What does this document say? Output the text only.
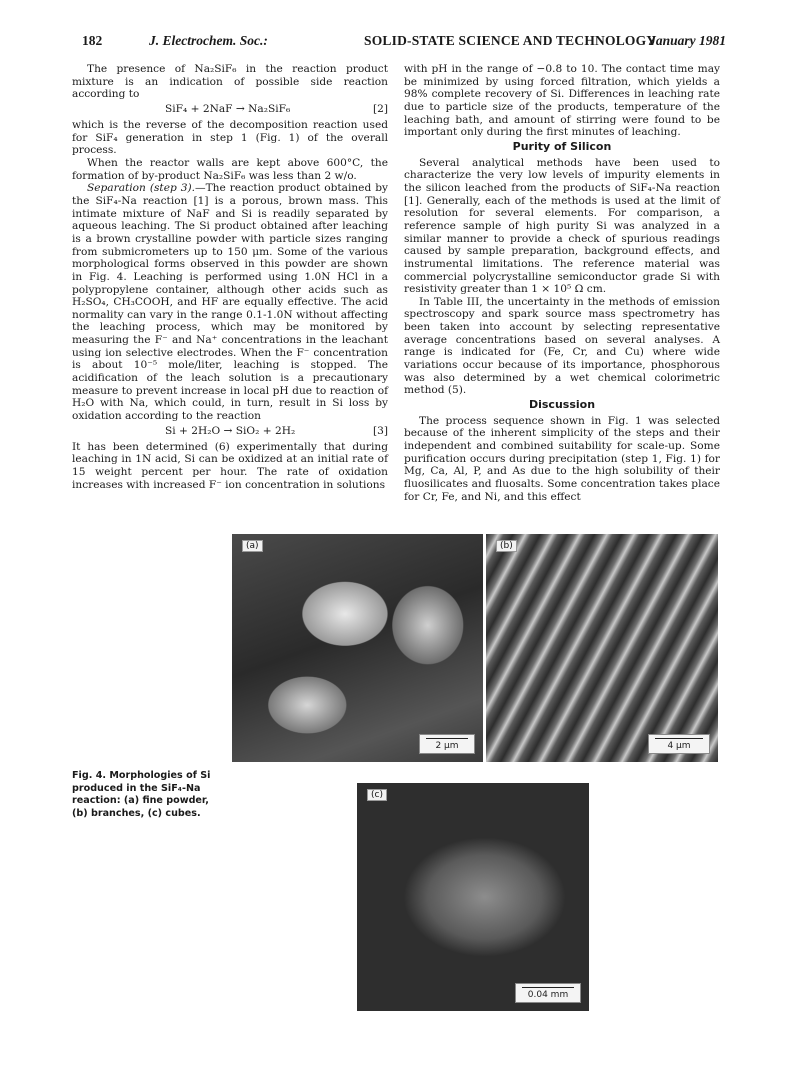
182	J. Electrochem. Soc.:	SOLID-STATE SCIENCE AND TECHNOLOGY
January 1981

The presence of Na₂SiF₆ in the reaction product mixture is an indication of possible side reaction according to

SiF₄ + 2NaF → Na₂SiF₆	[2]

which is the reverse of the decomposition reaction used for SiF₄ generation in step 1 (Fig. 1) of the overall process.

When the reactor walls are kept above 600°C, the formation of by-product Na₂SiF₆ was less than 2 w/o.

Separation (step 3).—The reaction product obtained by the SiF₄-Na reaction [1] is a porous, brown mass. This intimate mixture of NaF and Si is readily separated by aqueous leaching. The Si product obtained after leaching is a brown crystalline powder with particle sizes ranging from submicrometers up to 150 μm. Some of the various morphological forms observed in this powder are shown in Fig. 4. Leaching is performed using 1.0N HCl in a polypropylene container, although other acids such as H₂SO₄, CH₃COOH, and HF are equally effective. The acid normality can vary in the range 0.1-1.0N without affecting the leaching process, which may be monitored by measuring the F⁻ and Na⁺ concentrations in the leachant using ion selective electrodes. When the F⁻ concentration is about 10⁻⁵ mole/liter, leaching is stopped. The acidification of the leach solution is a precautionary measure to prevent increase in local pH due to reaction of H₂O with Na, which could, in turn, result in Si loss by oxidation according to the reaction

Si + 2H₂O → SiO₂ + 2H₂	[3]

It has been determined (6) experimentally that during leaching in 1N acid, Si can be oxidized at an initial rate of 15 weight percent per hour. The rate of oxidation increases with increased F⁻ ion concentration in solutions

with pH in the range of −0.8 to 10. The contact time may be minimized by using forced filtration, which yields a 98% complete recovery of Si. Differences in leaching rate due to particle size of the products, temperature of the leaching bath, and amount of stirring were found to be important only during the first minutes of leaching.

Purity of Silicon

Several analytical methods have been used to characterize the very low levels of impurity elements in the silicon leached from the products of SiF₄-Na reaction [1]. Generally, each of the methods is used at the limit of resolution for several elements. For comparison, a reference sample of high purity Si was analyzed in a similar manner to provide a check of spurious readings caused by sample preparation, background effects, and instrumental limitations. The reference material was commercial polycrystalline semiconductor grade Si with resistivity greater than 1 × 10⁵ Ω cm.

In Table III, the uncertainty in the methods of emission spectroscopy and spark source mass spectrometry has been taken into account by selecting representative average concentrations based on several analyses. A range is indicated for (Fe, Cr, and Cu) where wide variations occur because of its importance, phosphorous was also determined by a wet chemical colorimetric method (5).

Discussion

The process sequence shown in Fig. 1 was selected because of the inherent simplicity of the steps and their independent and combined suitability for scale-up. Some purification occurs during precipitation (step 1, Fig. 1) for Mg, Ca, Al, P, and As due to the high solubility of their fluosilicates and fluosalts. Some concentration takes place for Cr, Fe, and Ni, and this effect

(a)
2 μm
(b)
4 μm
(c)
0.04 mm
Fig. 4. Morphologies of Si produced in the SiF₄-Na reaction: (a) fine powder, (b) branches, (c) cubes.
